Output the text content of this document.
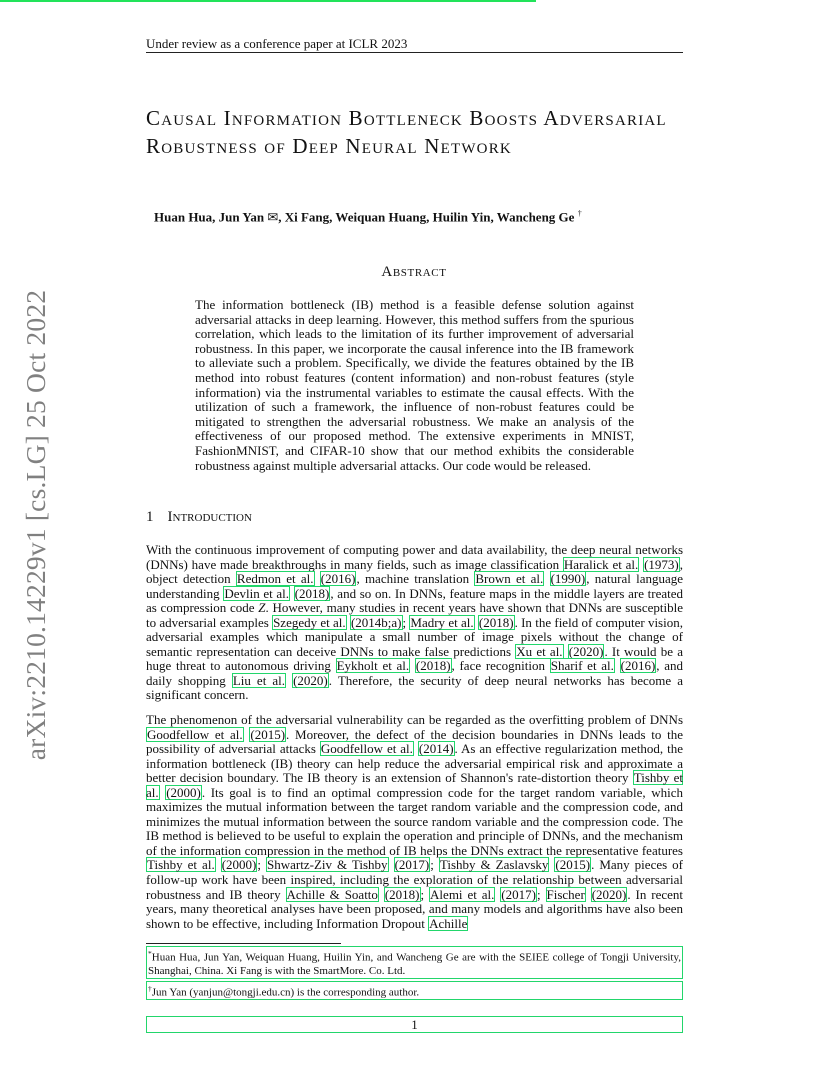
arXiv:2210.14229v1 [cs.LG] 25 Oct 2022
Under review as a conference paper at ICLR 2023
Causal Information Bottleneck Boosts Adversarial Robustness of Deep Neural Network
Huan Hua, Jun Yan ✉, Xi Fang, Weiquan Huang, Huilin Yin, Wancheng Ge †
Abstract
The information bottleneck (IB) method is a feasible defense solution against adversarial attacks in deep learning. However, this method suffers from the spurious correlation, which leads to the limitation of its further improvement of adversarial robustness. In this paper, we incorporate the causal inference into the IB framework to alleviate such a problem. Specifically, we divide the features obtained by the IB method into robust features (content information) and non-robust features (style information) via the instrumental variables to estimate the causal effects. With the utilization of such a framework, the influence of non-robust features could be mitigated to strengthen the adversarial robustness. We make an analysis of the effectiveness of our proposed method. The extensive experiments in MNIST, FashionMNIST, and CIFAR-10 show that our method exhibits the considerable robustness against multiple adversarial attacks. Our code would be released.
1 Introduction

With the continuous improvement of computing power and data availability, the deep neural networks (DNNs) have made breakthroughs in many fields, such as image classification Haralick et al. (1973), object detection Redmon et al. (2016), machine translation Brown et al. (1990), natural language understanding Devlin et al. (2018), and so on. In DNNs, feature maps in the middle layers are treated as compression code Z. However, many studies in recent years have shown that DNNs are susceptible to adversarial examples Szegedy et al. (2014b;a); Madry et al. (2018). In the field of computer vision, adversarial examples which manipulate a small number of image pixels without the change of semantic representation can deceive DNNs to make false predictions Xu et al. (2020). It would be a huge threat to autonomous driving Eykholt et al. (2018), face recognition Sharif et al. (2016), and daily shopping Liu et al. (2020). Therefore, the security of deep neural networks has become a significant concern.

The phenomenon of the adversarial vulnerability can be regarded as the overfitting problem of DNNs Goodfellow et al. (2015). Moreover, the defect of the decision boundaries in DNNs leads to the possibility of adversarial attacks Goodfellow et al. (2014). As an effective regularization method, the information bottleneck (IB) theory can help reduce the adversarial empirical risk and approximate a better decision boundary. The IB theory is an extension of Shannon's rate-distortion theory Tishby et al. (2000). Its goal is to find an optimal compression code for the target random variable, which maximizes the mutual information between the target random variable and the compression code, and minimizes the mutual information between the source random variable and the compression code. The IB method is believed to be useful to explain the operation and principle of DNNs, and the mechanism of the information compression in the method of IB helps the DNNs extract the representative features Tishby et al. (2000); Shwartz-Ziv & Tishby (2017); Tishby & Zaslavsky (2015). Many pieces of follow-up work have been inspired, including the exploration of the relationship between adversarial robustness and IB theory Achille & Soatto (2018); Alemi et al. (2017); Fischer (2020). In recent years, many theoretical analyses have been proposed, and many models and algorithms have also been shown to be effective, including Information Dropout Achille

*Huan Hua, Jun Yan, Weiquan Huang, Huilin Yin, and Wancheng Ge are with the SEIEE college of Tongji University, Shanghai, China. Xi Fang is with the SmartMore. Co. Ltd.
†Jun Yan (yanjun@tongji.edu.cn) is the corresponding author.
1
